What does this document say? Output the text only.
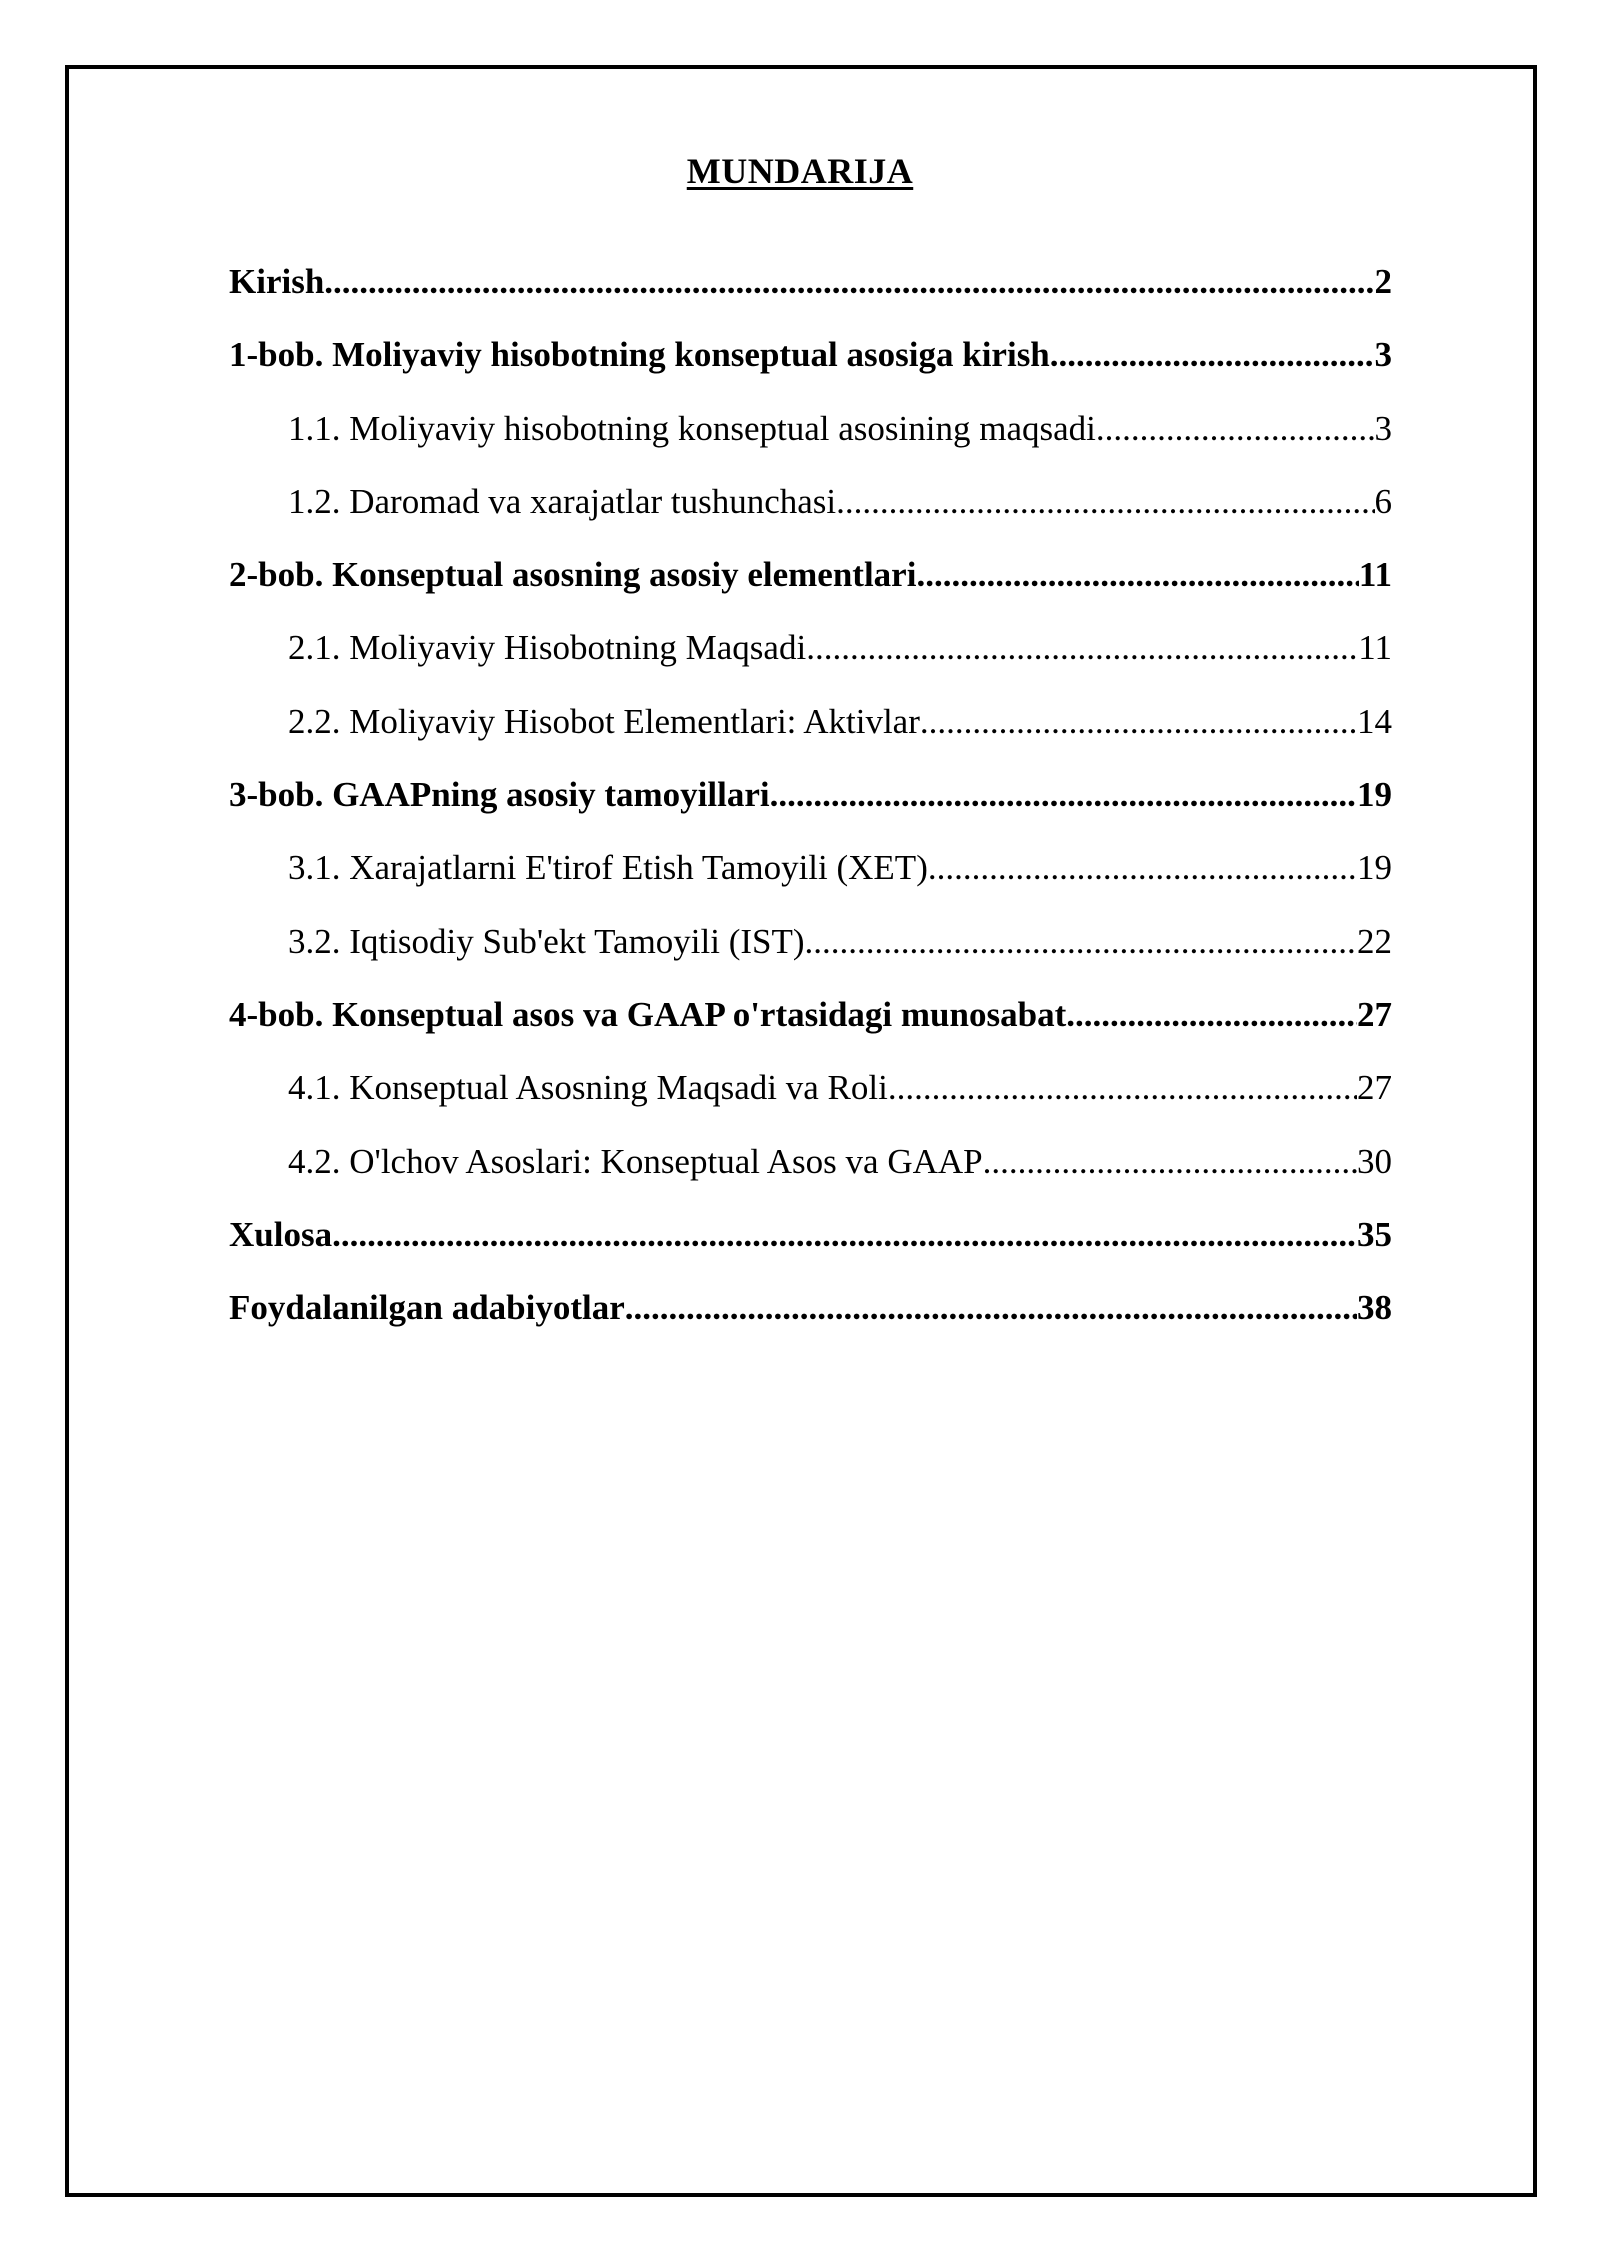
MUNDARIJA
Kirish .....	2
1-bob. Moliyaviy hisobotning konseptual asosiga kirish .....	3
1.1. Moliyaviy hisobotning konseptual asosining maqsadi .....	3
1.2. Daromad va xarajatlar tushunchasi .....	6
2-bob. Konseptual asosning asosiy elementlari .....	11
2.1. Moliyaviy Hisobotning Maqsadi .....	11
2.2. Moliyaviy Hisobot Elementlari: Aktivlar .....	14
3-bob. GAAPning asosiy tamoyillari .....	19
3.1. Xarajatlarni E'tirof Etish Tamoyili (XET) .....	19
3.2. Iqtisodiy Sub'ekt Tamoyili (IST) .....	22
4-bob. Konseptual asos va GAAP o'rtasidagi munosabat .....	27
4.1. Konseptual Asosning Maqsadi va Roli .....	27
4.2. O'lchov Asoslari: Konseptual Asos va GAAP .....	30
Xulosa .....	35
Foydalanilgan adabiyotlar .....	38
